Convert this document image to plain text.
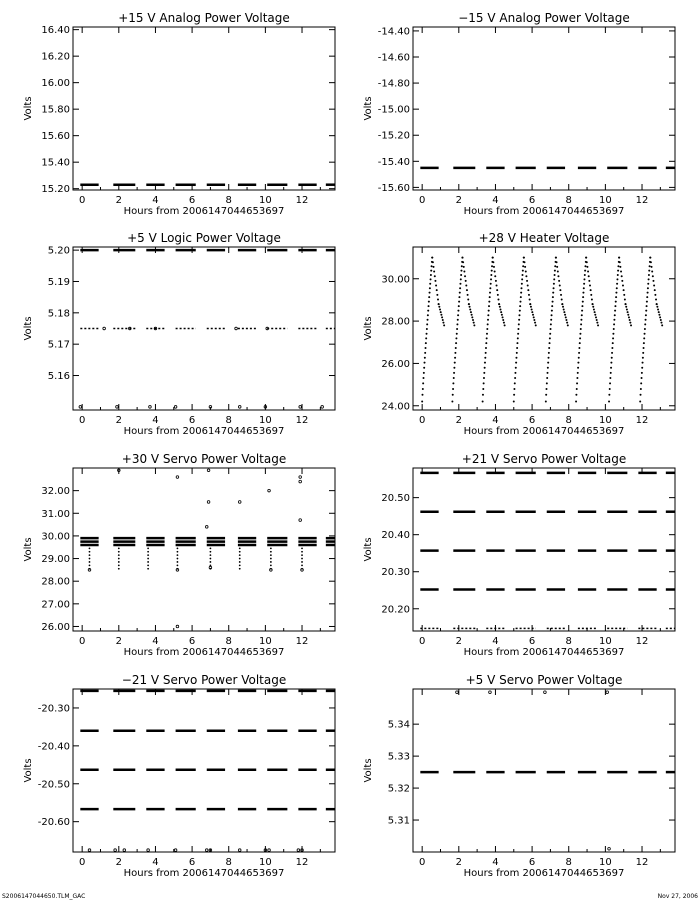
+15 V Analog Power Voltage
0	2	4	6	8	10 12
15.20
15.40
15.60
15.80
16.00
16.20
16.40
Hours from 2006147044653697
Volts
−15 V Analog Power Voltage
0	2	4	6	8	10 12
-14.40
-14.60
-14.80
-15.00
-15.20
-15.40
-15.60
Hours from 2006147044653697
Volts
+5 V Logic Power Voltage
0	2	4	6	8	10 12
5.16
5.17
5.18
5.19
5.20
Hours from 2006147044653697
Volts
+28 V Heater Voltage
0	2	4	6	8	10 12
24.00
26.00
28.00
30.00
Hours from 2006147044653697
Volts
+30 V Servo Power Voltage
0	2	4	6	8	10 12
26.00
27.00
28.00
29.00
30.00
31.00
32.00
Hours from 2006147044653697
Volts
+21 V Servo Power Voltage
0	2	4	6	8	10 12
20.20
20.30
20.40
20.50
Hours from 2006147044653697
Volts
−21 V Servo Power Voltage
0	2	4	6	8	10 12
-20.30
-20.40
-20.50
-20.60
Hours from 2006147044653697
Volts
+5 V Servo Power Voltage
0	2	4	6	8	10 12
5.31
5.32
5.33
5.34
Hours from 2006147044653697
Volts
S2006147044650.TLM_GAC	Nov 27, 2006
